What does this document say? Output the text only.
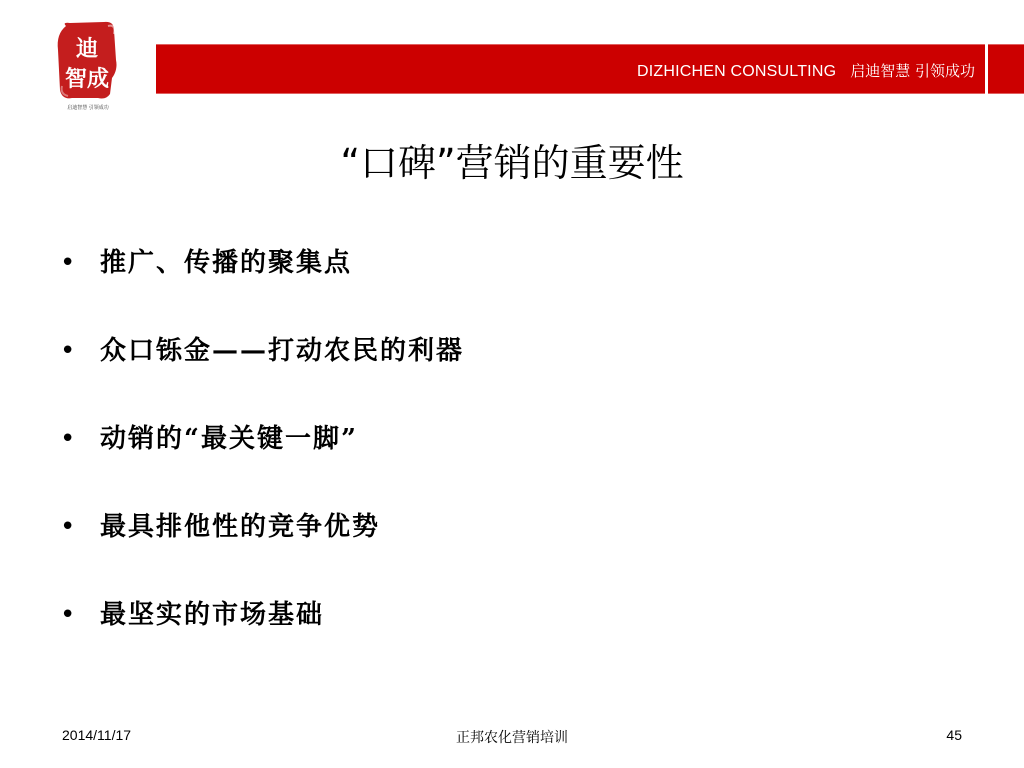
迪
智成
启迪智慧 引领成功
DIZHICHEN CONSULTING 启迪智慧 引领成功
“口碑”营销的重要性
• 推广、传播的聚集点
• 众口铄金——打动农民的利器
• 动销的“最关键一脚”
• 最具排他性的竞争优势
• 最坚实的市场基础
2014/11/17	正邦农化营销培训	45
